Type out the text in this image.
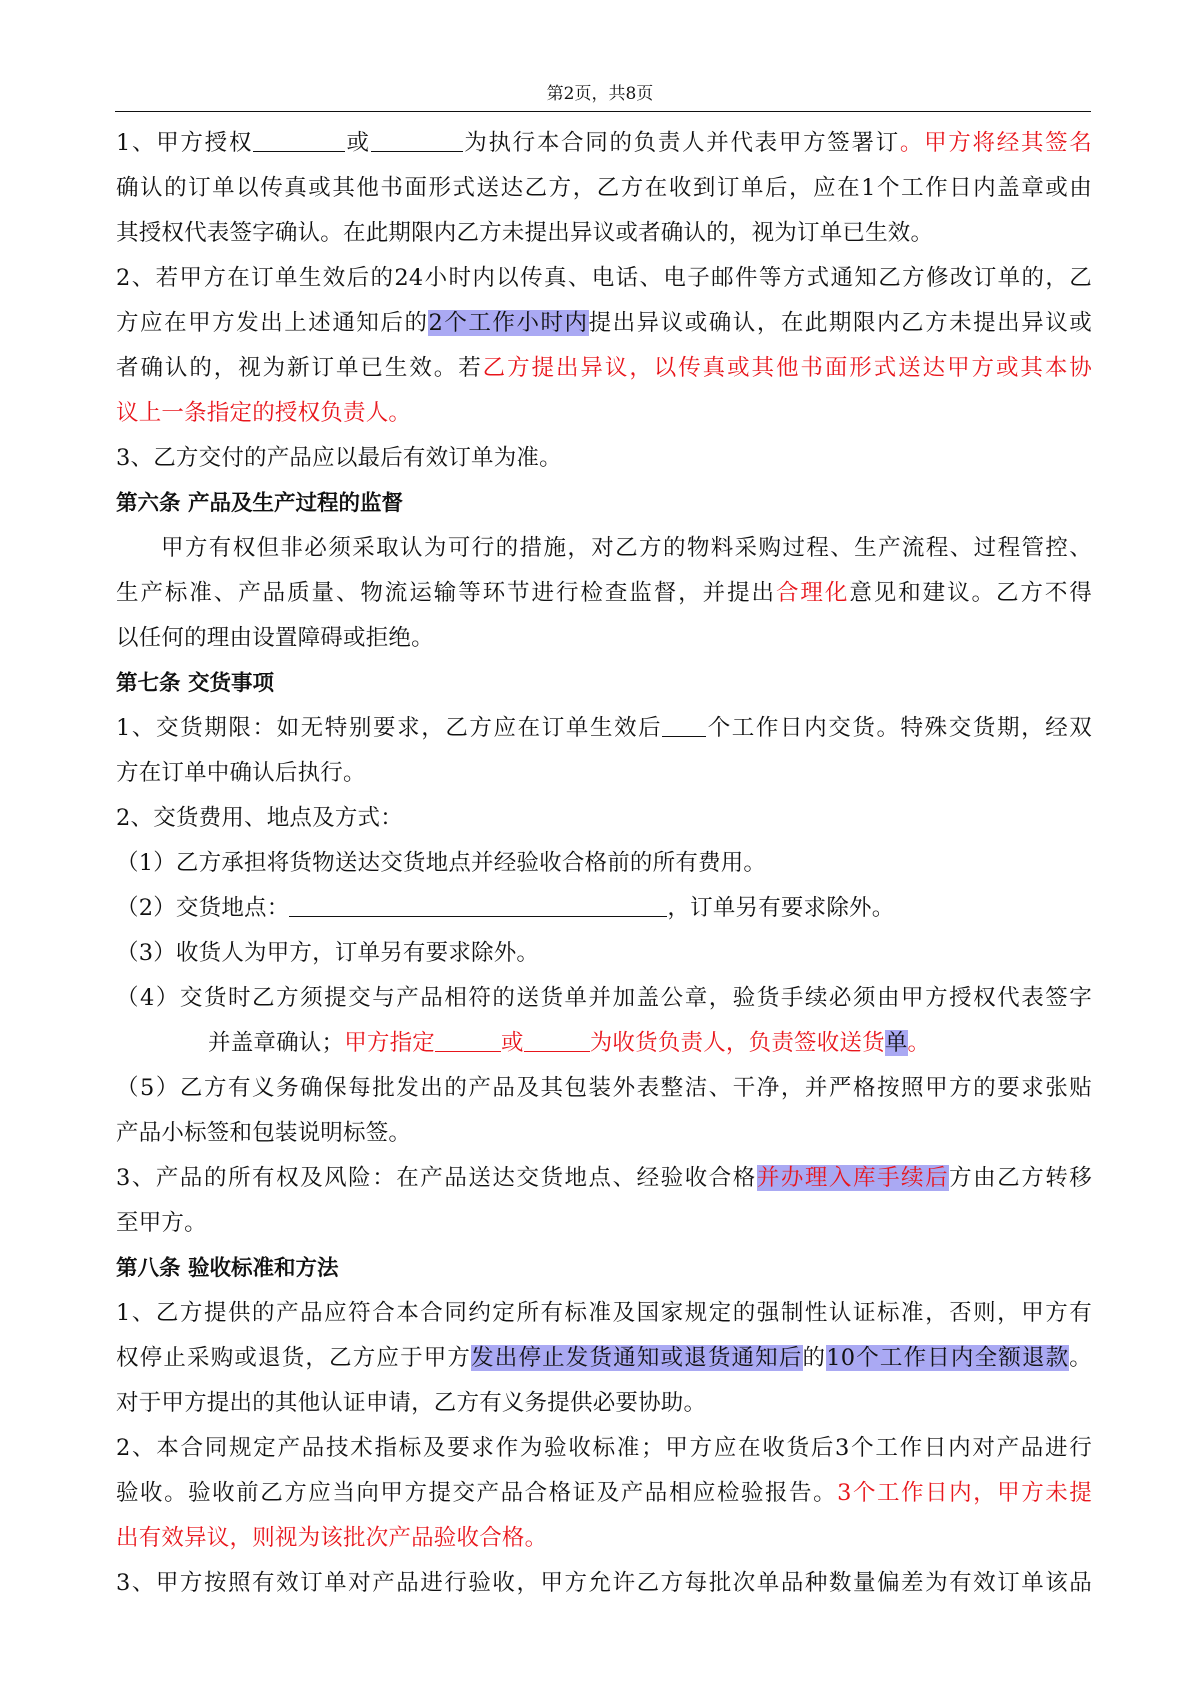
第2页，共8页

1、甲方授权	或	为执行本合同的负责人并代表甲方签署订。甲方将经其签名

确认的订单以传真或其他书面形式送达乙方，乙方在收到订单后，应在1个工作日内盖章或由

其授权代表签字确认。在此期限内乙方未提出异议或者确认的，视为订单已生效。

2、若甲方在订单生效后的24小时内以传真、电话、电子邮件等方式通知乙方修改订单的，乙

方应在甲方发出上述通知后的2个工作小时内提出异议或确认，在此期限内乙方未提出异议或

者确认的，视为新订单已生效。若乙方提出异议，以传真或其他书面形式送达甲方或其本协

议上一条指定的授权负责人。

3、乙方交付的产品应以最后有效订单为准。

第六条 产品及生产过程的监督

甲方有权但非必须采取认为可行的措施，对乙方的物料采购过程、生产流程、过程管控、

生产标准、产品质量、物流运输等环节进行检查监督，并提出合理化意见和建议。乙方不得

以任何的理由设置障碍或拒绝。

第七条 交货事项

1、交货期限：如无特别要求，乙方应在订单生效后 个工作日内交货。特殊交货期，经双

方在订单中确认后执行。

2、交货费用、地点及方式：

（1）乙方承担将货物送达交货地点并经验收合格前的所有费用。

（2）交货地点：	，订单另有要求除外。

（3）收货人为甲方，订单另有要求除外。

（4）交货时乙方须提交与产品相符的送货单并加盖公章，验货手续必须由甲方授权代表签字

并盖章确认；甲方指定	或	为收货负责人，负责签收送货单。

（5）乙方有义务确保每批发出的产品及其包装外表整洁、干净，并严格按照甲方的要求张贴

产品小标签和包装说明标签。

3、产品的所有权及风险：在产品送达交货地点、经验收合格并办理入库手续后方由乙方转移

至甲方。

第八条 验收标准和方法

1、乙方提供的产品应符合本合同约定所有标准及国家规定的强制性认证标准，否则，甲方有

权停止采购或退货，乙方应于甲方发出停止发货通知或退货通知后的10个工作日内全额退款。

对于甲方提出的其他认证申请，乙方有义务提供必要协助。

2、本合同规定产品技术指标及要求作为验收标准；甲方应在收货后3个工作日内对产品进行

验收。验收前乙方应当向甲方提交产品合格证及产品相应检验报告。3个工作日内，甲方未提

出有效异议，则视为该批次产品验收合格。

3、甲方按照有效订单对产品进行验收，甲方允许乙方每批次单品种数量偏差为有效订单该品
